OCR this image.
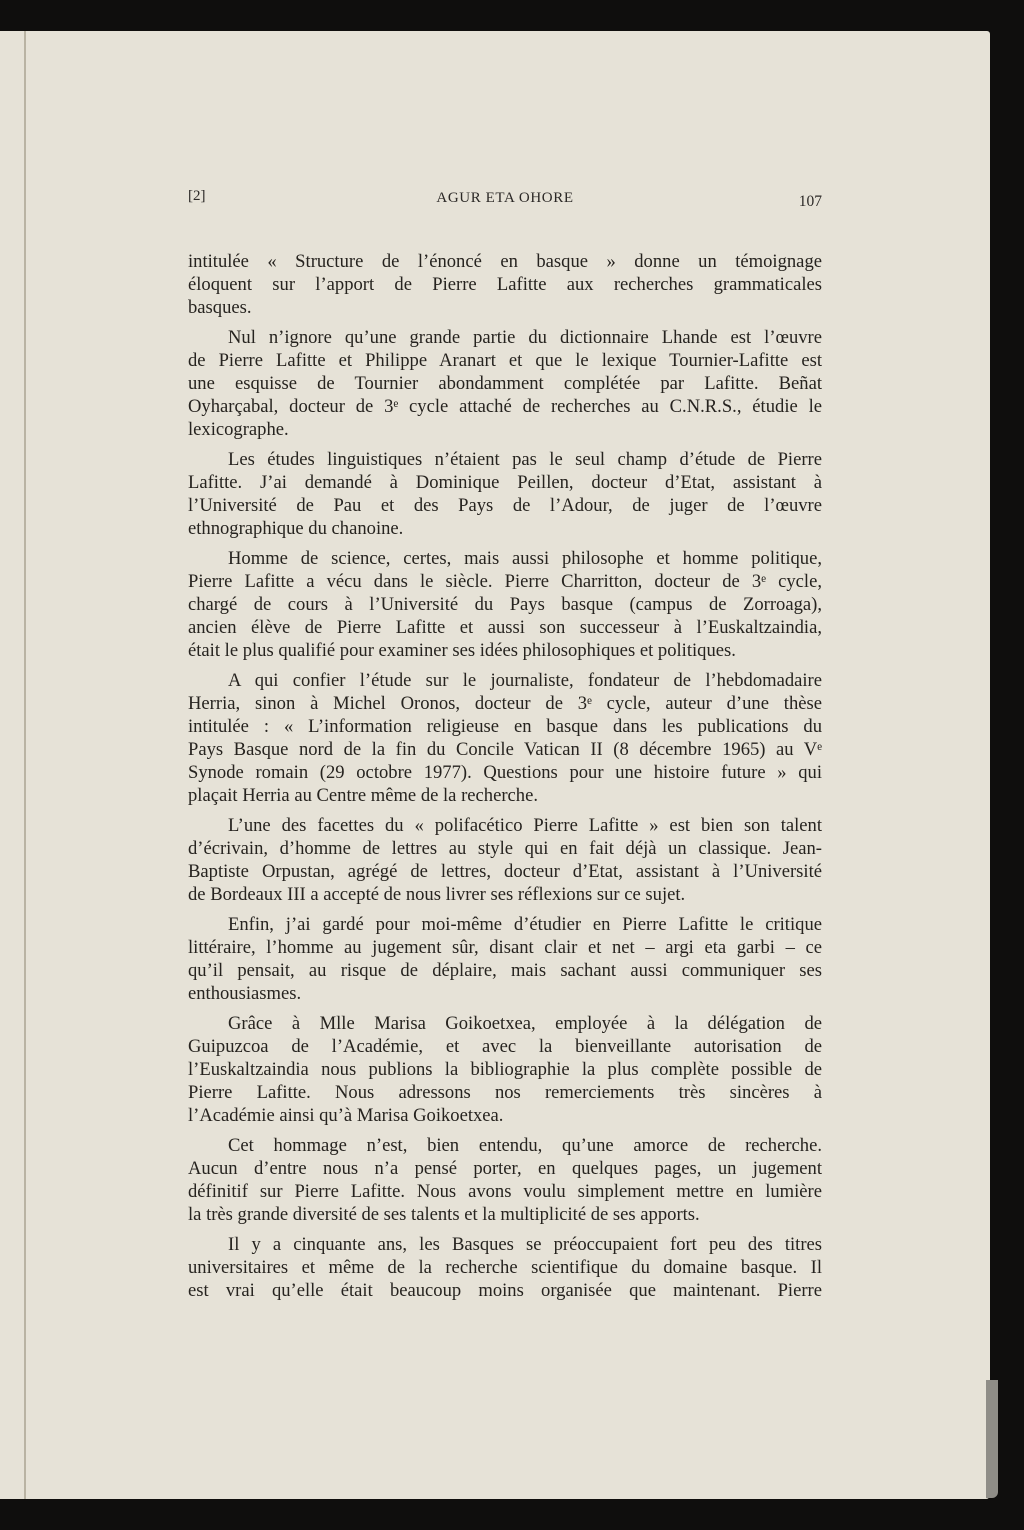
[2]	AGUR ETA OHORE	107
intitulée « Structure de l’énoncé en basque » donne un témoignage
éloquent sur l’apport de Pierre Lafitte aux recherches grammaticales
basques.
Nul n’ignore qu’une grande partie du dictionnaire Lhande est l’œuvre
de Pierre Lafitte et Philippe Aranart et que le lexique Tournier-Lafitte est
une esquisse de Tournier abondamment complétée par Lafitte. Beñat
Oyharçabal, docteur de 3ᵉ cycle attaché de recherches au C.N.R.S., étudie le
lexicographe.
Les études linguistiques n’étaient pas le seul champ d’étude de Pierre
Lafitte. J’ai demandé à Dominique Peillen, docteur d’Etat, assistant à
l’Université de Pau et des Pays de l’Adour, de juger de l’œuvre
ethnographique du chanoine.
Homme de science, certes, mais aussi philosophe et homme politique,
Pierre Lafitte a vécu dans le siècle. Pierre Charritton, docteur de 3ᵉ cycle,
chargé de cours à l’Université du Pays basque (campus de Zorroaga),
ancien élève de Pierre Lafitte et aussi son successeur à l’Euskaltzaindia,
était le plus qualifié pour examiner ses idées philosophiques et politiques.
A qui confier l’étude sur le journaliste, fondateur de l’hebdomadaire
Herria, sinon à Michel Oronos, docteur de 3ᵉ cycle, auteur d’une thèse
intitulée : « L’information religieuse en basque dans les publications du
Pays Basque nord de la fin du Concile Vatican II (8 décembre 1965) au Vᵉ
Synode romain (29 octobre 1977). Questions pour une histoire future » qui
plaçait Herria au Centre même de la recherche.
L’une des facettes du « polifacético Pierre Lafitte » est bien son talent
d’écrivain, d’homme de lettres au style qui en fait déjà un classique. Jean-
Baptiste Orpustan, agrégé de lettres, docteur d’Etat, assistant à l’Université
de Bordeaux III a accepté de nous livrer ses réflexions sur ce sujet.
Enfin, j’ai gardé pour moi-même d’étudier en Pierre Lafitte le critique
littéraire, l’homme au jugement sûr, disant clair et net – argi eta garbi – ce
qu’il pensait, au risque de déplaire, mais sachant aussi communiquer ses
enthousiasmes.
Grâce à Mlle Marisa Goikoetxea, employée à la délégation de
Guipuzcoa de l’Académie, et avec la bienveillante autorisation de
l’Euskaltzaindia nous publions la bibliographie la plus complète possible de
Pierre Lafitte. Nous adressons nos remerciements très sincères à
l’Académie ainsi qu’à Marisa Goikoetxea.
Cet hommage n’est, bien entendu, qu’une amorce de recherche.
Aucun d’entre nous n’a pensé porter, en quelques pages, un jugement
définitif sur Pierre Lafitte. Nous avons voulu simplement mettre en lumière
la très grande diversité de ses talents et la multiplicité de ses apports.
Il y a cinquante ans, les Basques se préoccupaient fort peu des titres
universitaires et même de la recherche scientifique du domaine basque. Il
est vrai qu’elle était beaucoup moins organisée que maintenant. Pierre
